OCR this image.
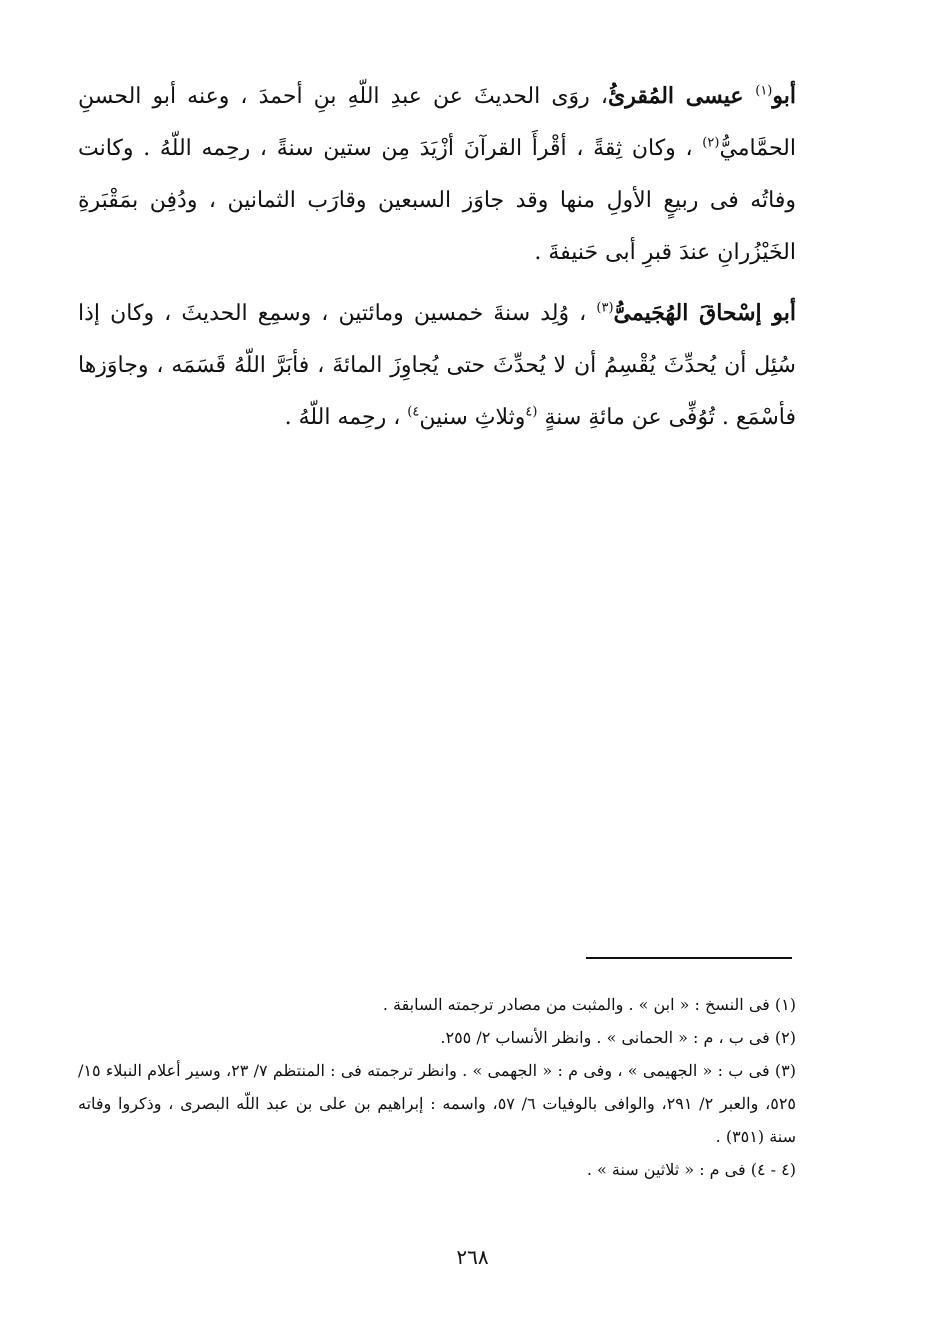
أبو$^{(١)}$ عيسى المُقرئُ، روَى الحديثَ عن عبدِ اللّهِ بنِ أحمدَ ، وعنه أبو الحسنِ الحمَّاميُّ$^{(٢)}$ ، وكان ثِقةً ، أقْرأَ القرآنَ أزْيَدَ مِن ستين سنةً ، رحِمه اللّهُ . وكانت وفاتُه فى ربيعٍ الأولِ منها وقد جاوَز السبعين وقارَب الثمانين ، ودُفِن بمَقْبَرةِ الخَيْزُرانِ عندَ قبرِ أبى حَنيفةَ .

أبو إسْحاقَ الهُجَيمىُّ$^{(٣)}$ ، وُلِد سنةَ خمسين ومائتين ، وسمِع الحديثَ ، وكان إذا سُئِل أن يُحدِّثَ يُقْسِمُ أن لا يُحدِّثَ حتى يُجاوِزَ المائةَ ، فأبَرَّ اللّهُ قَسَمَه ، وجاوَزها فأسْمَع . تُوُفِّى عن مائةِ سنةٍ $^{(٤}$وثلاثِ سنين$^{٤)}$ ، رحِمه اللّهُ .

(١) فى النسخ : « ابن » . والمثبت من مصادر ترجمته السابقة .

(٢) فى ب ، م : « الحمانى » . وانظر الأنساب ٢/ ٢٥٥.

(٣) فى ب : « الجهيمى » ، وفى م : « الجهمى » . وانظر ترجمته فى : المنتظم ٧/ ٢٣، وسير أعلام النبلاء ١٥/ ٥٢٥، والعبر ٢/ ٢٩١، والوافى بالوفيات ٦/ ٥٧، واسمه : إبراهيم بن على بن عبد اللّه البصرى ، وذكروا وفاته سنة (٣٥١) .

(٤ - ٤) فى م : « ثلاثين سنة » .

٢٦٨
